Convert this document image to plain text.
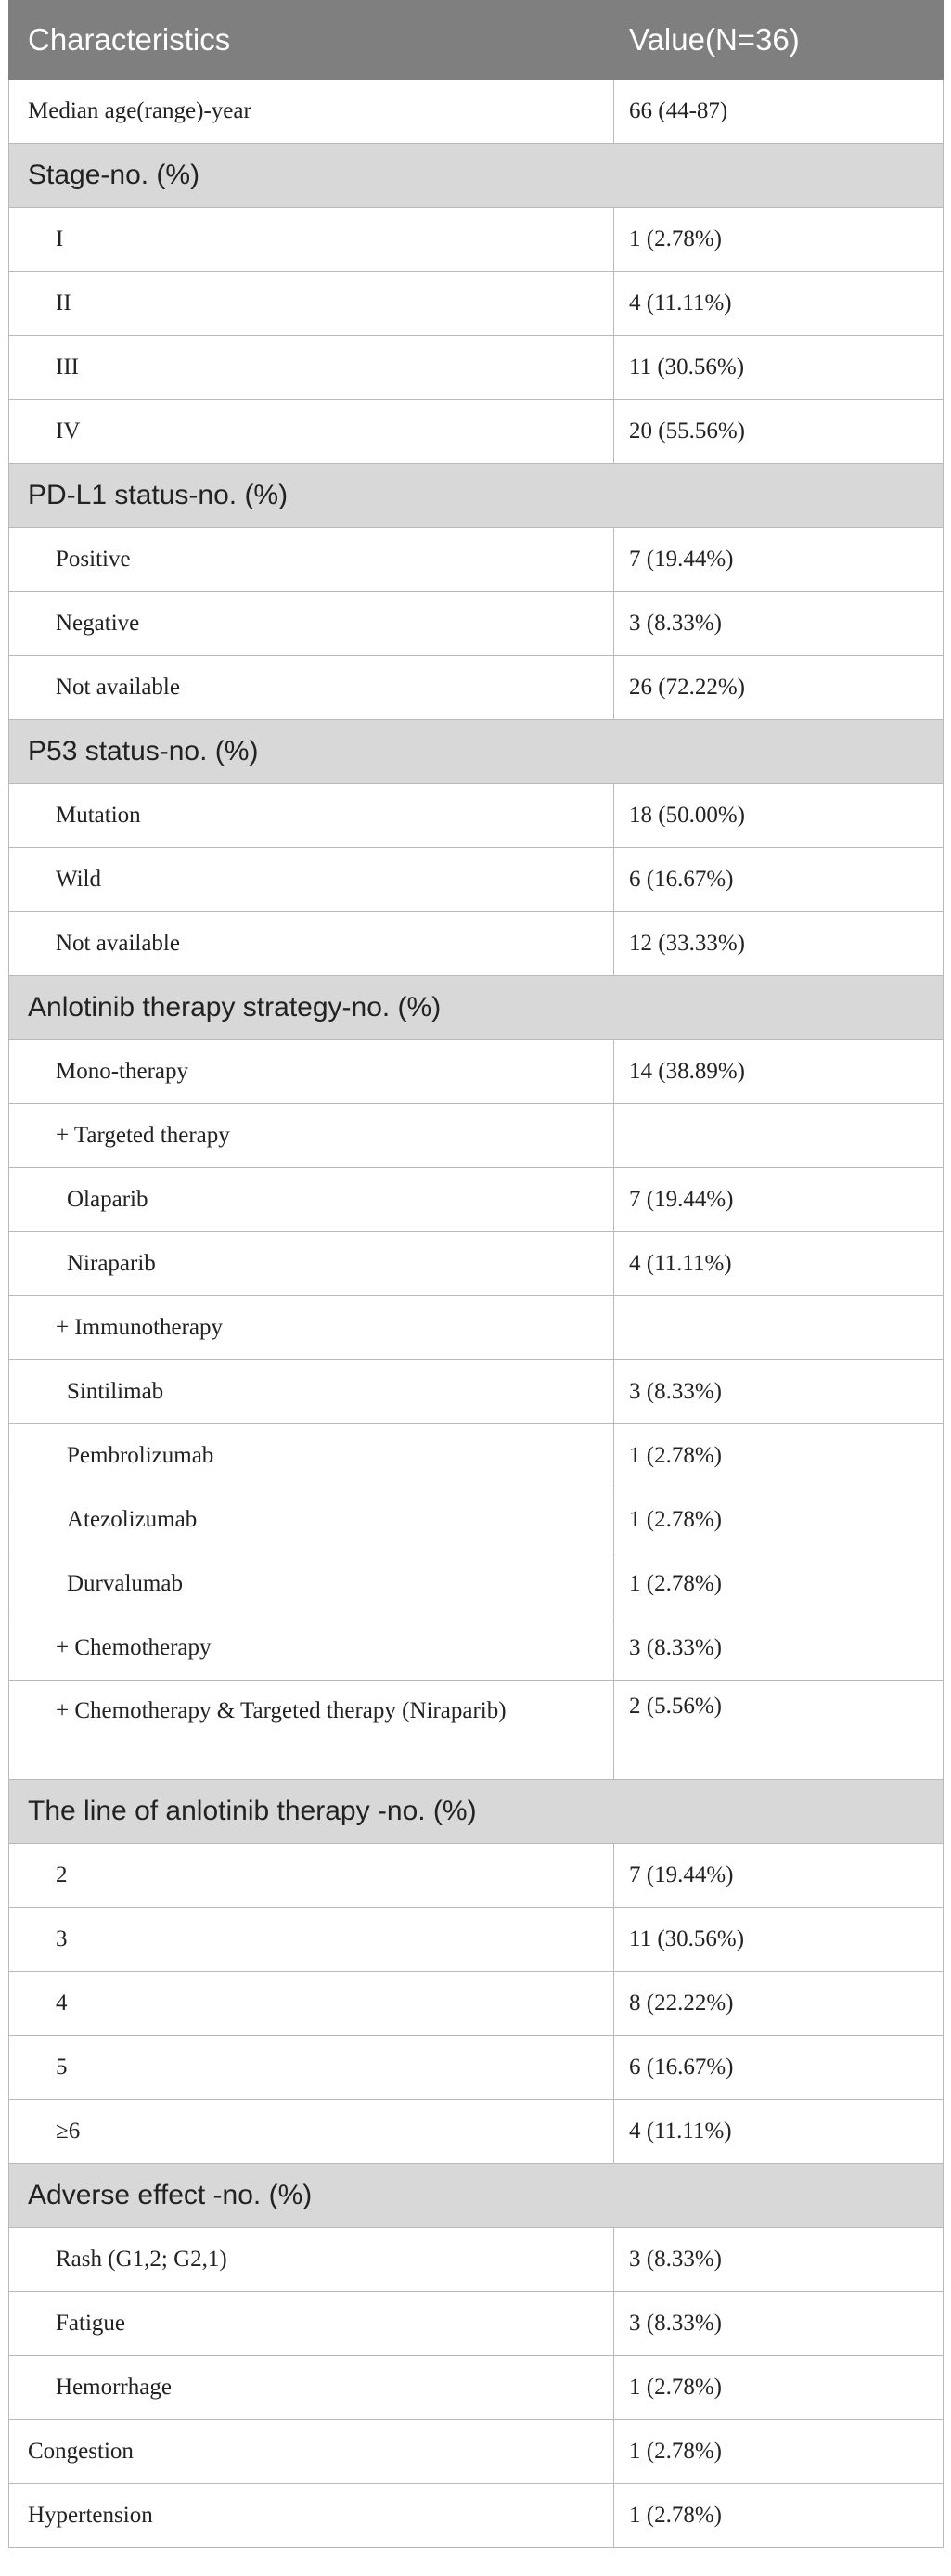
Characteristics	Value(N=36)
Median age(range)-year	66 (44-87)
Stage-no. (%)	
I	1 (2.78%)
II	4 (11.11%)
III	11 (30.56%)
IV	20 (55.56%)
PD-L1 status-no. (%)	
Positive	7 (19.44%)
Negative	3 (8.33%)
Not available	26 (72.22%)
P53 status-no. (%)	
Mutation	18 (50.00%)
Wild	6 (16.67%)
Not available	12 (33.33%)
Anlotinib therapy strategy-no. (%)	
Mono-therapy	14 (38.89%)
+ Targeted therapy	
Olaparib	7 (19.44%)
Niraparib	4 (11.11%)
+ Immunotherapy	
Sintilimab	3 (8.33%)
Pembrolizumab	1 (2.78%)
Atezolizumab	1 (2.78%)
Durvalumab	1 (2.78%)
+ Chemotherapy	3 (8.33%)

+ Chemotherapy & Targeted therapy (Niraparib)	2 (5.56%)

The line of anlotinib therapy -no. (%)	
2	7 (19.44%)
3	11 (30.56%)
4	8 (22.22%)
5	6 (16.67%)
≥6	4 (11.11%)
Adverse effect -no. (%)	
Rash (G1,2; G2,1)	3 (8.33%)
Fatigue	3 (8.33%)
Hemorrhage	1 (2.78%)
Congestion	1 (2.78%)
Hypertension	1 (2.78%)
